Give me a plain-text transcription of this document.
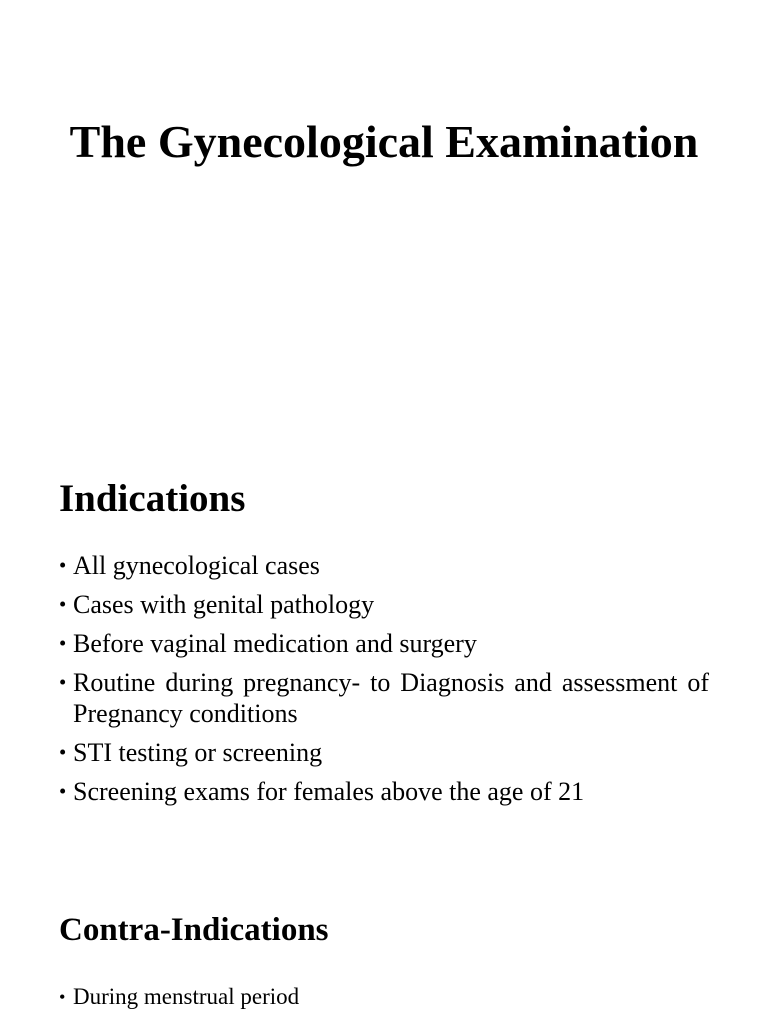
The Gynecological Examination
Indications
• All gynecological cases
• Cases with genital pathology
• Before vaginal medication and surgery
• Routine during pregnancy- to Diagnosis and assessment of Pregnancy conditions
• STI testing or screening
• Screening exams for females above the age of 21
Contra-Indications
• During menstrual period
